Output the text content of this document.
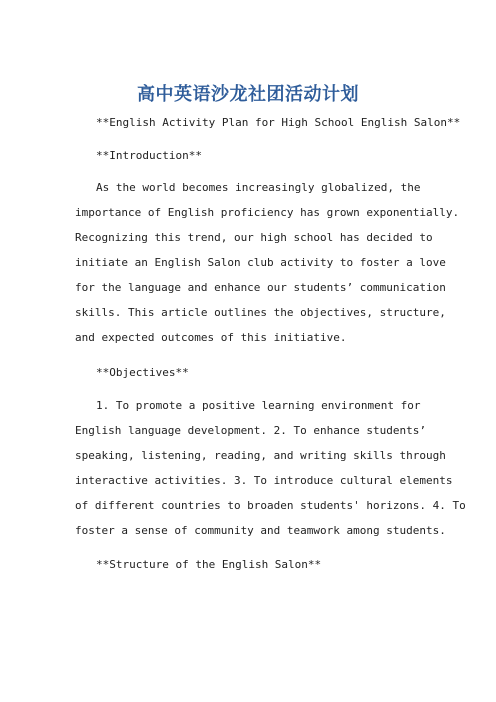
高中英语沙龙社团活动计划

**English Activity Plan for High School English Salon**

**Introduction**

As the world becomes increasingly globalized, the

importance of English proficiency has grown exponentially.

Recognizing this trend, our high school has decided to

initiate an English Salon club activity to foster a love

for the language and enhance our students’ communication

skills. This article outlines the objectives, structure,

and expected outcomes of this initiative.

**Objectives**

1. To promote a positive learning environment for

English language development. 2. To enhance students’

speaking, listening, reading, and writing skills through

interactive activities. 3. To introduce cultural elements

of different countries to broaden students' horizons. 4. To

foster a sense of community and teamwork among students.

**Structure of the English Salon**
